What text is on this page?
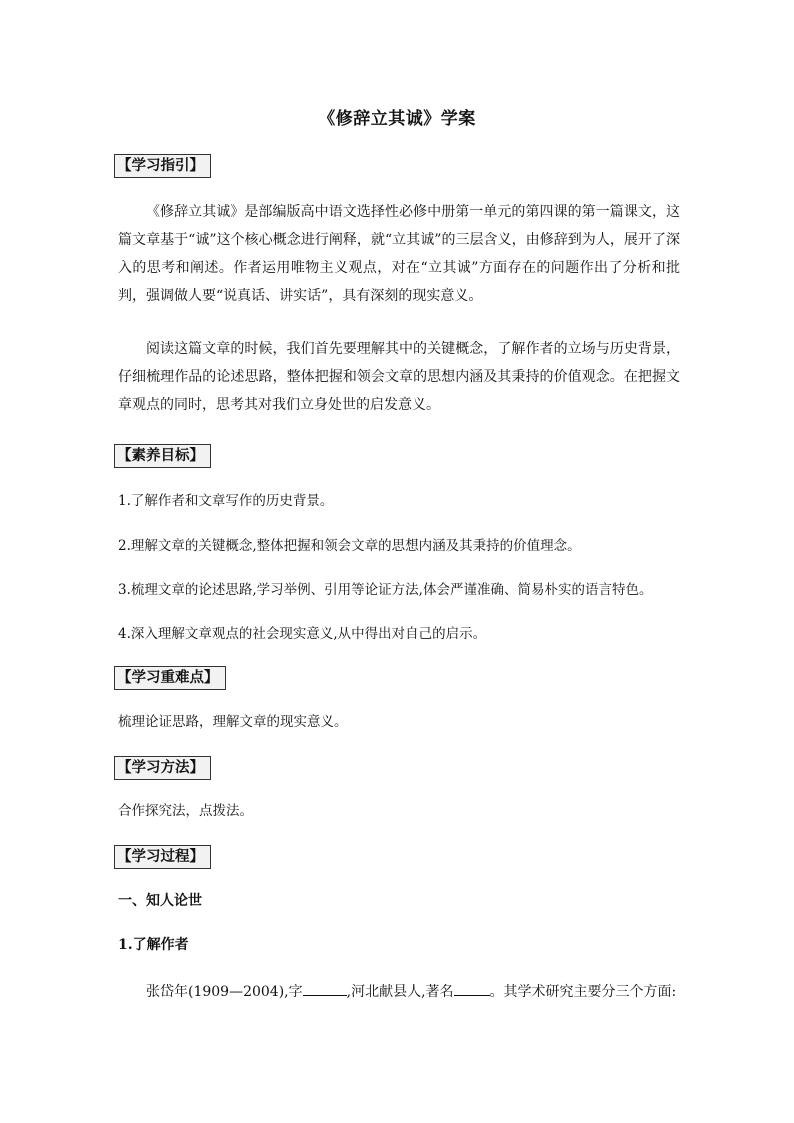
《修辞立其诚》学案
【学习指引】

《修辞立其诚》是部编版高中语文选择性必修中册第一单元的第四课的第一篇课文，这篇文章基于“诚”这个核心概念进行阐释，就“立其诚”的三层含义，由修辞到为人，展开了深入的思考和阐述。作者运用唯物主义观点，对在“立其诚”方面存在的问题作出了分析和批判，强调做人要“说真话、讲实话”，具有深刻的现实意义。

阅读这篇文章的时候，我们首先要理解其中的关键概念，了解作者的立场与历史背景，仔细梳理作品的论述思路，整体把握和领会文章的思想内涵及其秉持的价值观念。在把握文章观点的同时，思考其对我们立身处世的启发意义。

【素养目标】

1.了解作者和文章写作的历史背景。

2.理解文章的关键概念,整体把握和领会文章的思想内涵及其秉持的价值理念。

3.梳理文章的论述思路,学习举例、引用等论证方法,体会严谨准确、简易朴实的语言特色。

4.深入理解文章观点的社会现实意义,从中得出对自己的启示。

【学习重难点】

梳理论证思路，理解文章的现实意义。

【学习方法】

合作探究法，点拨法。

【学习过程】

一、知人论世

1.了解作者

张岱年(1909—2004),字	,河北献县人,著名	。其学术研究主要分三个方面:
